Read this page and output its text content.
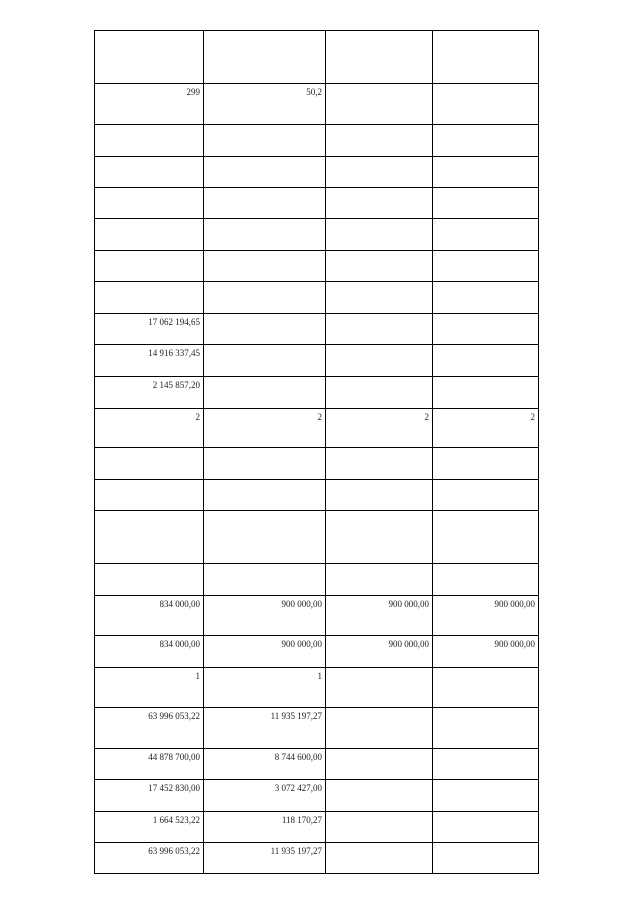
299	50,2		

17 062 194,65			
14 916 337,45			
2 145 857,20			
2	2	2	2

834 000,00	900 000,00	900 000,00	900 000,00
834 000,00	900 000,00	900 000,00	900 000,00
1	1		
63 996 053,22	11 935 197,27		
44 878 700,00	8 744 600,00		
17 452 830,00	3 072 427,00		
1 664 523,22	118 170,27		
63 996 053,22	11 935 197,27		
